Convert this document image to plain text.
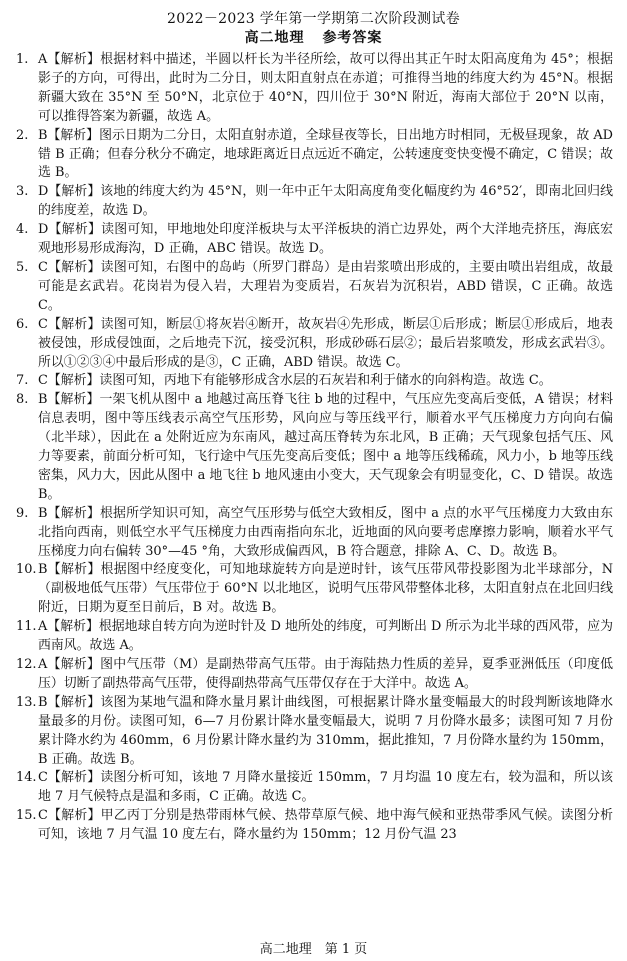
2022－2023 学年第一学期第二次阶段测试卷
高二地理 参考答案
1. A【解析】根据材料中描述，半圆以杆长为半径所绘，故可以得出其正午时太阳高度角为 45°；根据影子的方向，可得出，此时为二分日，则太阳直射点在赤道；可推得当地的纬度大约为 45°N。根据新疆大致在 35°N 至 50°N，北京位于 40°N，四川位于 30°N 附近，海南大部位于 20°N 以南，可以推得答案为新疆，故选 A。
2. B【解析】图示日期为二分日，太阳直射赤道，全球昼夜等长，日出地方时相同，无极昼现象，故 AD 错 B 正确；但春分秋分不确定，地球距离近日点远近不确定，公转速度变快变慢不确定，C 错误；故选 B。
3. D【解析】该地的纬度大约为 45°N，则一年中正午太阳高度角变化幅度约为 46°52′，即南北回归线的纬度差，故选 D。
4. D【解析】读图可知，甲地地处印度洋板块与太平洋板块的消亡边界处，两个大洋地壳挤压，海底宏观地形易形成海沟，D 正确，ABC 错误。故选 D。
5. C【解析】读图可知，右图中的岛屿（所罗门群岛）是由岩浆喷出形成的，主要由喷出岩组成，故最可能是玄武岩。花岗岩为侵入岩，大理岩为变质岩，石灰岩为沉积岩，ABD 错误，C 正确。故选 C。
6. C【解析】读图可知，断层①将灰岩④断开，故灰岩④先形成，断层①后形成；断层①形成后，地表被侵蚀，形成侵蚀面，之后地壳下沉，接受沉积，形成砂砾石层②；最后岩浆喷发，形成玄武岩③。所以①②③④中最后形成的是③，C 正确，ABD 错误。故选 C。
7. C【解析】读图可知，丙地下有能够形成含水层的石灰岩和利于储水的向斜构造。故选 C。
8. B【解析】一架飞机从图中 a 地越过高压脊飞往 b 地的过程中，气压应先变高后变低，A 错误；材料信息表明，图中等压线表示高空气压形势，风向应与等压线平行，顺着水平气压梯度力方向向右偏（北半球），因此在 a 处附近应为东南风，越过高压脊转为东北风，B 正确；天气现象包括气压、风力等要素，前面分析可知，飞行途中气压先变高后变低；图中 a 地等压线稀疏，风力小，b 地等压线密集，风力大，因此从图中 a 地飞往 b 地风速由小变大，天气现象会有明显变化，C、D 错误。故选 B。
9. B【解析】根据所学知识可知，高空气压形势与低空大致相反，图中 a 点的水平气压梯度力大致由东北指向西南，则低空水平气压梯度力由西南指向东北，近地面的风向要考虑摩擦力影响，顺着水平气压梯度力向右偏转 30°—45 °角，大致形成偏西风，B 符合题意，排除 A、C、D。故选 B。
10. B【解析】根据图中经度变化，可知地球旋转方向是逆时针，该气压带风带投影图为北半球部分，N（副极地低气压带）气压带位于 60°N 以北地区，说明气压带风带整体北移，太阳直射点在北回归线附近，日期为夏至日前后，B 对。故选 B。
11. A【解析】根据地球自转方向为逆时针及 D 地所处的纬度，可判断出 D 所示为北半球的西风带，应为西南风。故选 A。
12. A【解析】图中气压带（M）是副热带高气压带。由于海陆热力性质的差异，夏季亚洲低压（印度低压）切断了副热带高气压带，使得副热带高气压带仅存在于大洋中。故选 A。
13. B【解析】该图为某地气温和降水量月累计曲线图，可根据累计降水量变幅最大的时段判断该地降水量最多的月份。读图可知，6—7 月份累计降水量变幅最大，说明 7 月份降水最多；读图可知 7 月份累计降水约为 460mm，6 月份累计降水量约为 310mm，据此推知，7 月份降水量约为 150mm，B 正确。故选 B。
14. C【解析】读图分析可知，该地 7 月降水量接近 150mm，7 月均温 10 度左右，较为温和，所以该地 7 月气候特点是温和多雨，C 正确。故选 C。
15. C【解析】甲乙丙丁分别是热带雨林气候、热带草原气候、地中海气候和亚热带季风气候。读图分析可知，该地 7 月气温 10 度左右，降水量约为 150mm；12 月份气温 23
高二地理　第 1 页
